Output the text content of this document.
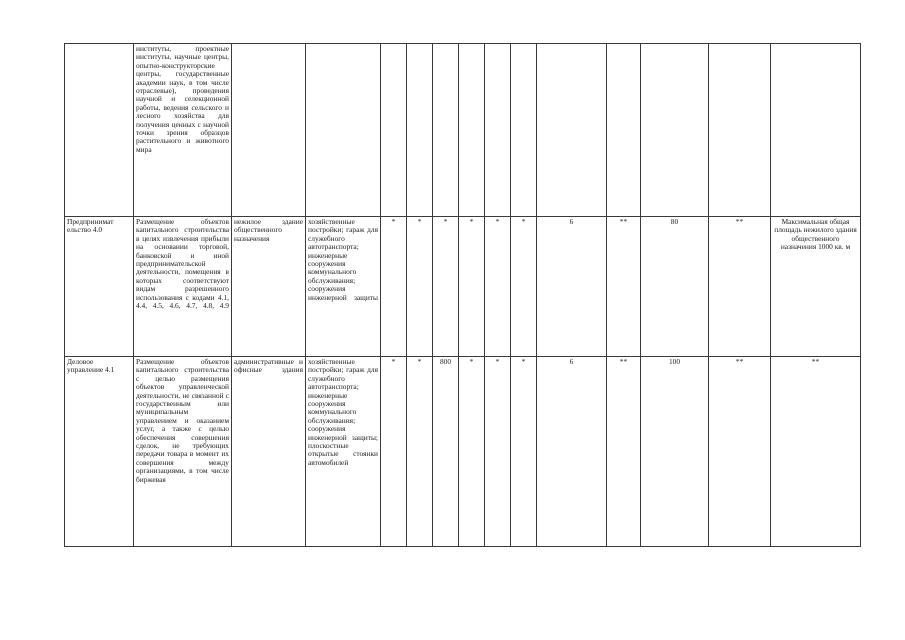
	институты, проектные институты, научные центры, опытно-конструкторские центры, государственные академии наук, в том числе отраслевые), проведения научной и селекционной работы, ведения сельского и лесного хозяйства для получения ценных с научной точки зрения образцов растительного и животного мира													
Предпринимат ельство 4.0	Размещение объектов капитального строительства в целях извлечения прибыли на основании торговой, банковской и иной предпринимательской деятельности, помещения в которых соответствуют видам разрешенного использования с кодами 4.1, 4.4, 4.5, 4.6, 4.7, 4.8, 4.9	нежилое здание общественного назначения	хозяйственные постройки; гараж для служебного автотранспорта; инженерные сооружения коммунального обслуживания; сооружения инженерной защиты	*	*	*	*	*	*	6	**	80	**	Максимальная общая площадь нежилого здания общественного назначения 1000 кв. м
Деловое управление 4.1	Размещение объектов капитального строительства с целью размещения объектов управленческой деятельности, не связанной с государственным или муниципальным управлением и оказанием услуг, а также с целью обеспечения совершения сделок, не требующих передачи товара в момент их совершения между организациями, в том числе биржевая	административные и офисные здания	хозяйственные постройки; гараж для служебного автотранспорта; инженерные сооружения коммунального обслуживания; сооружения инженерной защиты; плоскостные открытые стоянки автомобилей	*	*	800	*	*	*	6	**	100	**	**
